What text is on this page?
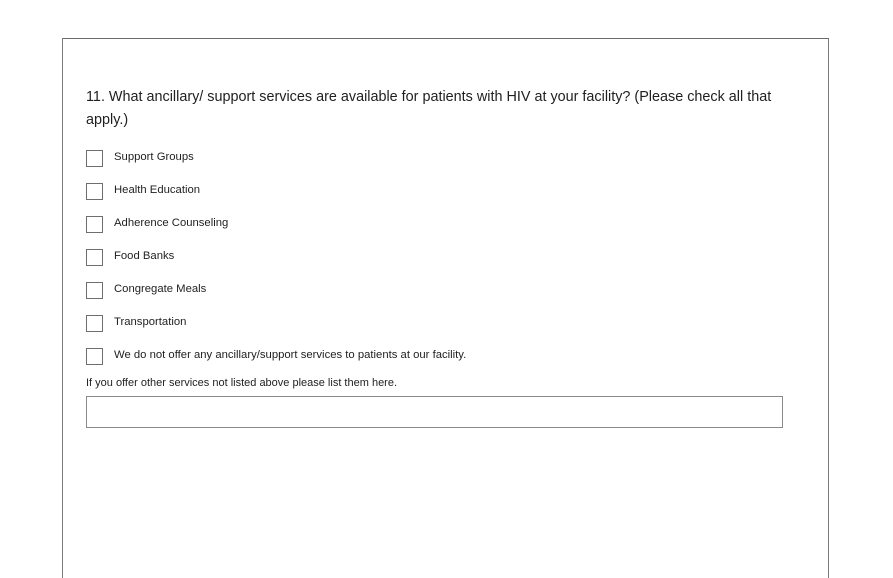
11. What ancillary/ support services are available for patients with HIV at your facility? (Please check all that apply.)
Support Groups
Health Education
Adherence Counseling
Food Banks
Congregate Meals
Transportation
We do not offer any ancillary/support services to patients at our facility.
If you offer other services not listed above please list them here.
